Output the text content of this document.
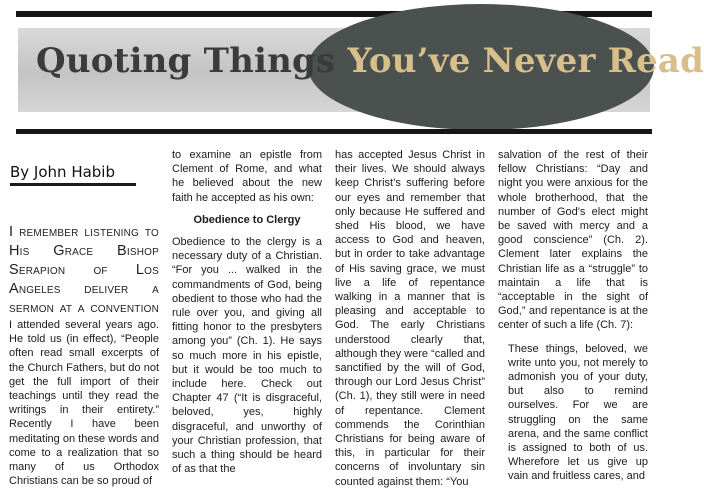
Quoting Things You’ve Never Read

By John Habib

I remember listening to His Grace Bishop Serapion of Los Angeles deliver a sermon at a convention

I attended several years ago. He told us (in effect), “People often read small excerpts of the Church Fathers, but do not get the full import of their teachings until they read the writings in their entirety.” Recently I have been meditating on these words and come to a realization that so many of us Orthodox Christians can be so proud of

to examine an epistle from Clement of Rome, and what he believed about the new faith he accepted as his own:

Obedience to Clergy

Obedience to the clergy is a necessary duty of a Christian. “For you ... walked in the commandments of God, being obedient to those who had the rule over you, and giving all fitting honor to the presbyters among you” (Ch. 1). He says so much more in his epistle, but it would be too much to include here. Check out Chapter 47 (“It is disgraceful, beloved, yes, highly disgraceful, and unworthy of your Christian profession, that such a thing should be heard of as that the

has accepted Jesus Christ in their lives. We should always keep Christ’s suffering before our eyes and remember that only because He suffered and shed His blood, we have access to God and heaven, but in order to take advantage of His saving grace, we must live a life of repentance walking in a manner that is pleasing and acceptable to God. The early Christians understood clearly that, although they were “called and sanctified by the will of God, through our Lord Jesus Christ” (Ch. 1), they still were in need of repentance. Clement commends the Corinthian Christians for being aware of this, in particular for their concerns of involuntary sin counted against them: “You

salvation of the rest of their fellow Christians: “Day and night you were anxious for the whole brotherhood, that the number of God’s elect might be saved with mercy and a good conscience” (Ch. 2). Clement later explains the Christian life as a “struggle” to maintain a life that is “acceptable in the sight of God,” and repentance is at the center of such a life (Ch. 7):

These things, beloved, we write unto you, not merely to admonish you of your duty, but also to remind ourselves. For we are struggling on the same arena, and the same conflict is assigned to both of us. Wherefore let us give up vain and fruitless cares, and
